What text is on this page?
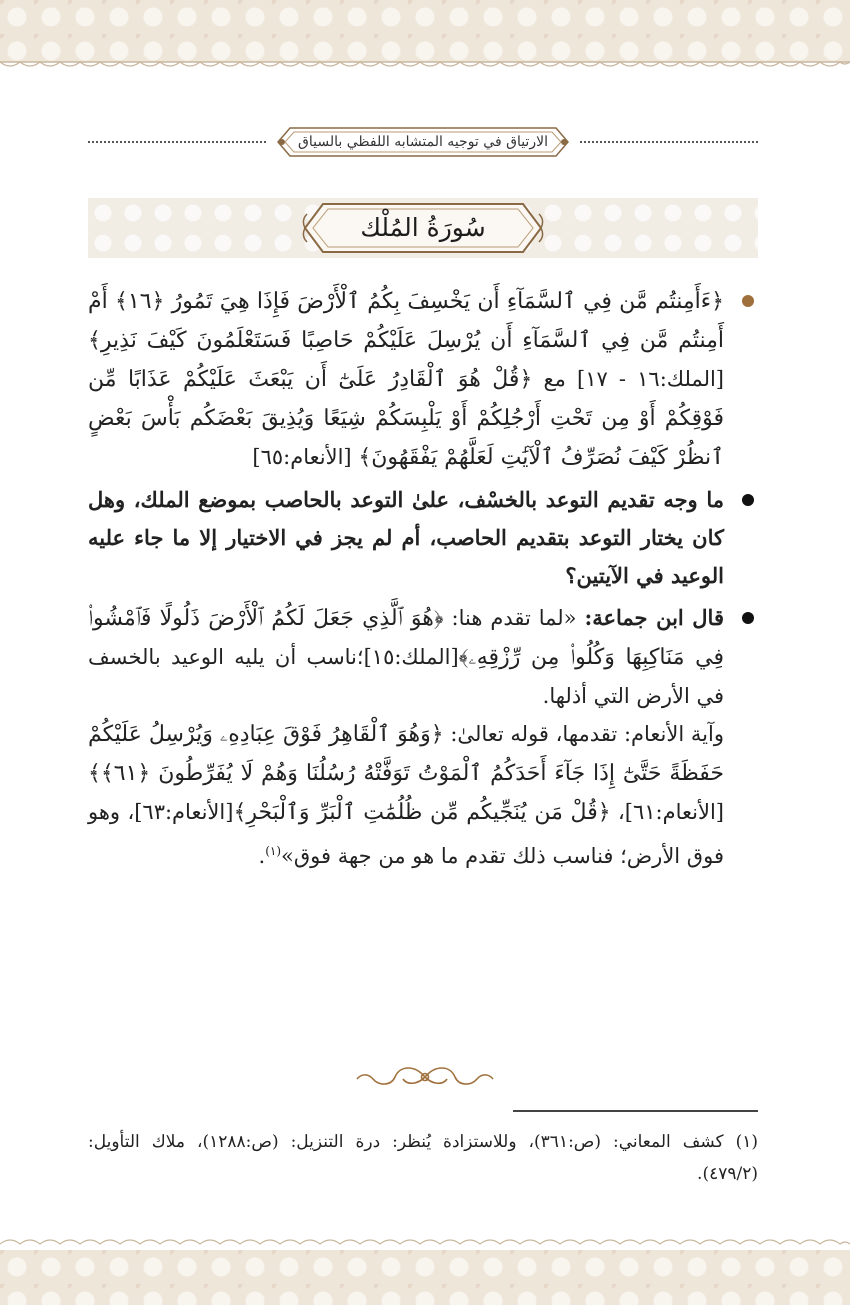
الارتياق في توجيه المتشابه اللفظي بالسياق
سُورَةُ المُلْك

﴿ءَأَمِنتُم مَّن فِي ٱلسَّمَآءِ أَن يَخْسِفَ بِكُمُ ٱلْأَرْضَ فَإِذَا هِيَ تَمُورُ ﴿١٦﴾ أَمْ أَمِنتُم مَّن فِي ٱلسَّمَآءِ أَن يُرْسِلَ عَلَيْكُمْ حَاصِبًا فَسَتَعْلَمُونَ كَيْفَ نَذِيرِ﴾ [الملك:١٦ - ١٧] مع ﴿قُلْ هُوَ ٱلْقَادِرُ عَلَىٰٓ أَن يَبْعَثَ عَلَيْكُمْ عَذَابًا مِّن فَوْقِكُمْ أَوْ مِن تَحْتِ أَرْجُلِكُمْ أَوْ يَلْبِسَكُمْ شِيَعًا وَيُذِيقَ بَعْضَكُم بَأْسَ بَعْضٍ ٱنظُرْ كَيْفَ نُصَرِّفُ ٱلْآيَٰتِ لَعَلَّهُمْ يَفْقَهُونَ﴾ [الأنعام:٦٥]

ما وجه تقديم التوعد بالخسْف، علىٰ التوعد بالحاصب بموضع الملك، وهل كان يختار التوعد بتقديم الحاصب، أم لم يجز في الاختيار إلا ما جاء عليه الوعيد في الآيتين؟

قال ابن جماعة: «لما تقدم هنا: ﴿هُوَ ٱلَّذِي جَعَلَ لَكُمُ ٱلْأَرْضَ ذَلُولًا فَٱمْشُوا۟ فِي مَنَاكِبِهَا وَكُلُوا۟ مِن رِّزْقِهِۦ﴾[الملك:١٥]؛ناسب أن يليه الوعيد بالخسف في الأرض التي أذلها.

وآية الأنعام: تقدمها، قوله تعالىٰ: ﴿وَهُوَ ٱلْقَاهِرُ فَوْقَ عِبَادِهِۦ وَيُرْسِلُ عَلَيْكُمْ حَفَظَةً حَتَّىٰٓ إِذَا جَآءَ أَحَدَكُمُ ٱلْمَوْتُ تَوَفَّتْهُ رُسُلُنَا وَهُمْ لَا يُفَرِّطُونَ ﴿٦١﴾﴾ [الأنعام:٦١]، ﴿قُلْ مَن يُنَجِّيكُم مِّن ظُلُمَٰتِ ٱلْبَرِّ وَٱلْبَحْرِ﴾[الأنعام:٦٣]، وهو فوق الأرض؛ فناسب ذلك تقدم ما هو من جهة فوق»$^{(١)}$.

(١) كشف المعاني: (ص:٣٦١)، وللاستزادة يُنظر: درة التنزيل: (ص:١٢٨٨)، ملاك التأويل: (٤٧٩/٢).
